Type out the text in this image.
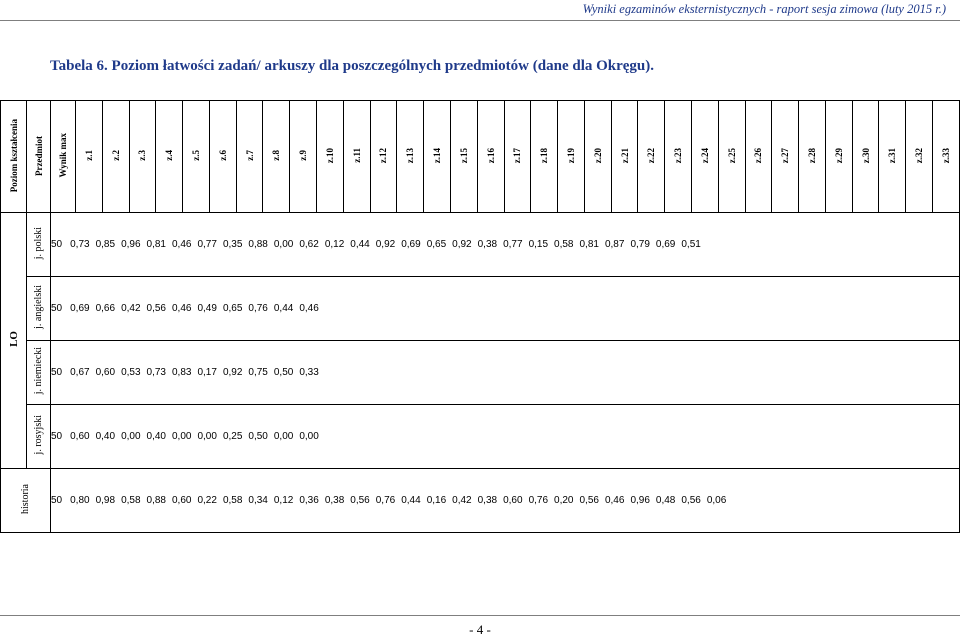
Wyniki egzaminów eksternistycznych - raport sesja zimowa (luty 2015 r.)
Tabela 6. Poziom łatwości zadań/ arkuszy dla poszczególnych przedmiotów (dane dla Okręgu).
Poziom kształcenia	Przedmiot	Wynik max	z.1	z.2	z.3	z.4	z.5	z.6	z.7	z.8	z.9	z.10	z.11	z.12	z.13	z.14	z.15	z.16	z.17	z.18	z.19	z.20	z.21	z.22	z.23	z.24	z.25	z.26	z.27	z.28	z.29	z.30	z.31	z.32	z.33
LO	j. polski	50 0,73 0,85 0,96 0,81 0,46 0,77 0,35 0,88 0,00 0,62 0,12 0,44 0,92 0,69 0,65 0,92 0,38 0,77 0,15 0,58 0,81 0,87 0,79 0,69 0,51																																	

	j. angielski	50 0,69 0,66 0,42 0,56 0,46 0,49 0,65 0,76 0,44 0,46																																	

	j. niemiecki	50 0,67 0,60 0,53 0,73 0,83 0,17 0,92 0,75 0,50 0,33																																	

	j. rosyjski	50 0,60 0,40 0,00 0,40 0,00 0,00 0,25 0,50 0,00 0,00																																	

historia		50 0,80 0,98 0,58 0,88 0,60 0,22 0,58 0,34 0,12 0,36 0,38 0,56 0,76 0,44 0,16 0,42 0,38 0,60 0,76 0,20 0,56 0,46 0,96 0,48 0,56 0,06																																	
- 4 -
